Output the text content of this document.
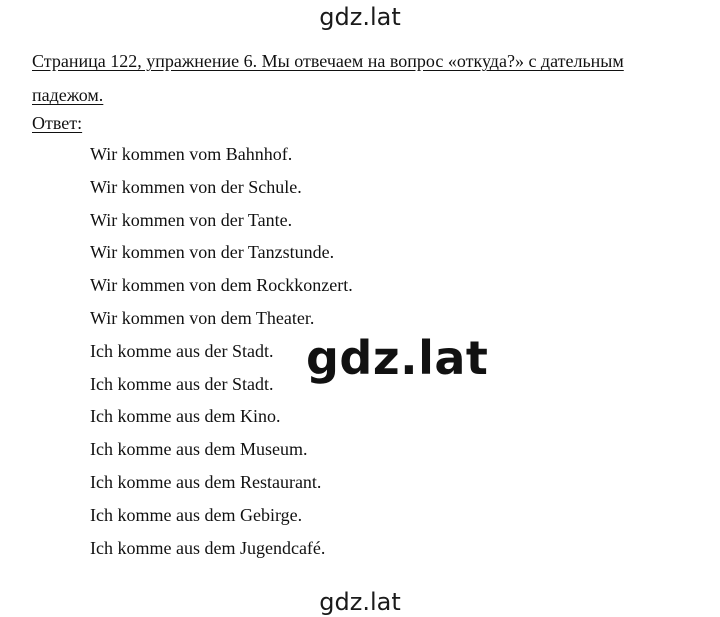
gdz.lat

Страница 122, упражнение 6. Мы отвечаем на вопрос «откуда?» с дательным падежом.

Ответ:
Wir kommen vom Bahnhof.
Wir kommen von der Schule.
Wir kommen von der Tante.
Wir kommen von der Tanzstunde.
Wir kommen von dem Rockkonzert.
Wir kommen von dem Theater.
Ich komme aus der Stadt.
Ich komme aus der Stadt.
Ich komme aus dem Kino.
Ich komme aus dem Museum.
Ich komme aus dem Restaurant.
Ich komme aus dem Gebirge.
Ich komme aus dem Jugendcafé.
gdz.lat
gdz.lat
